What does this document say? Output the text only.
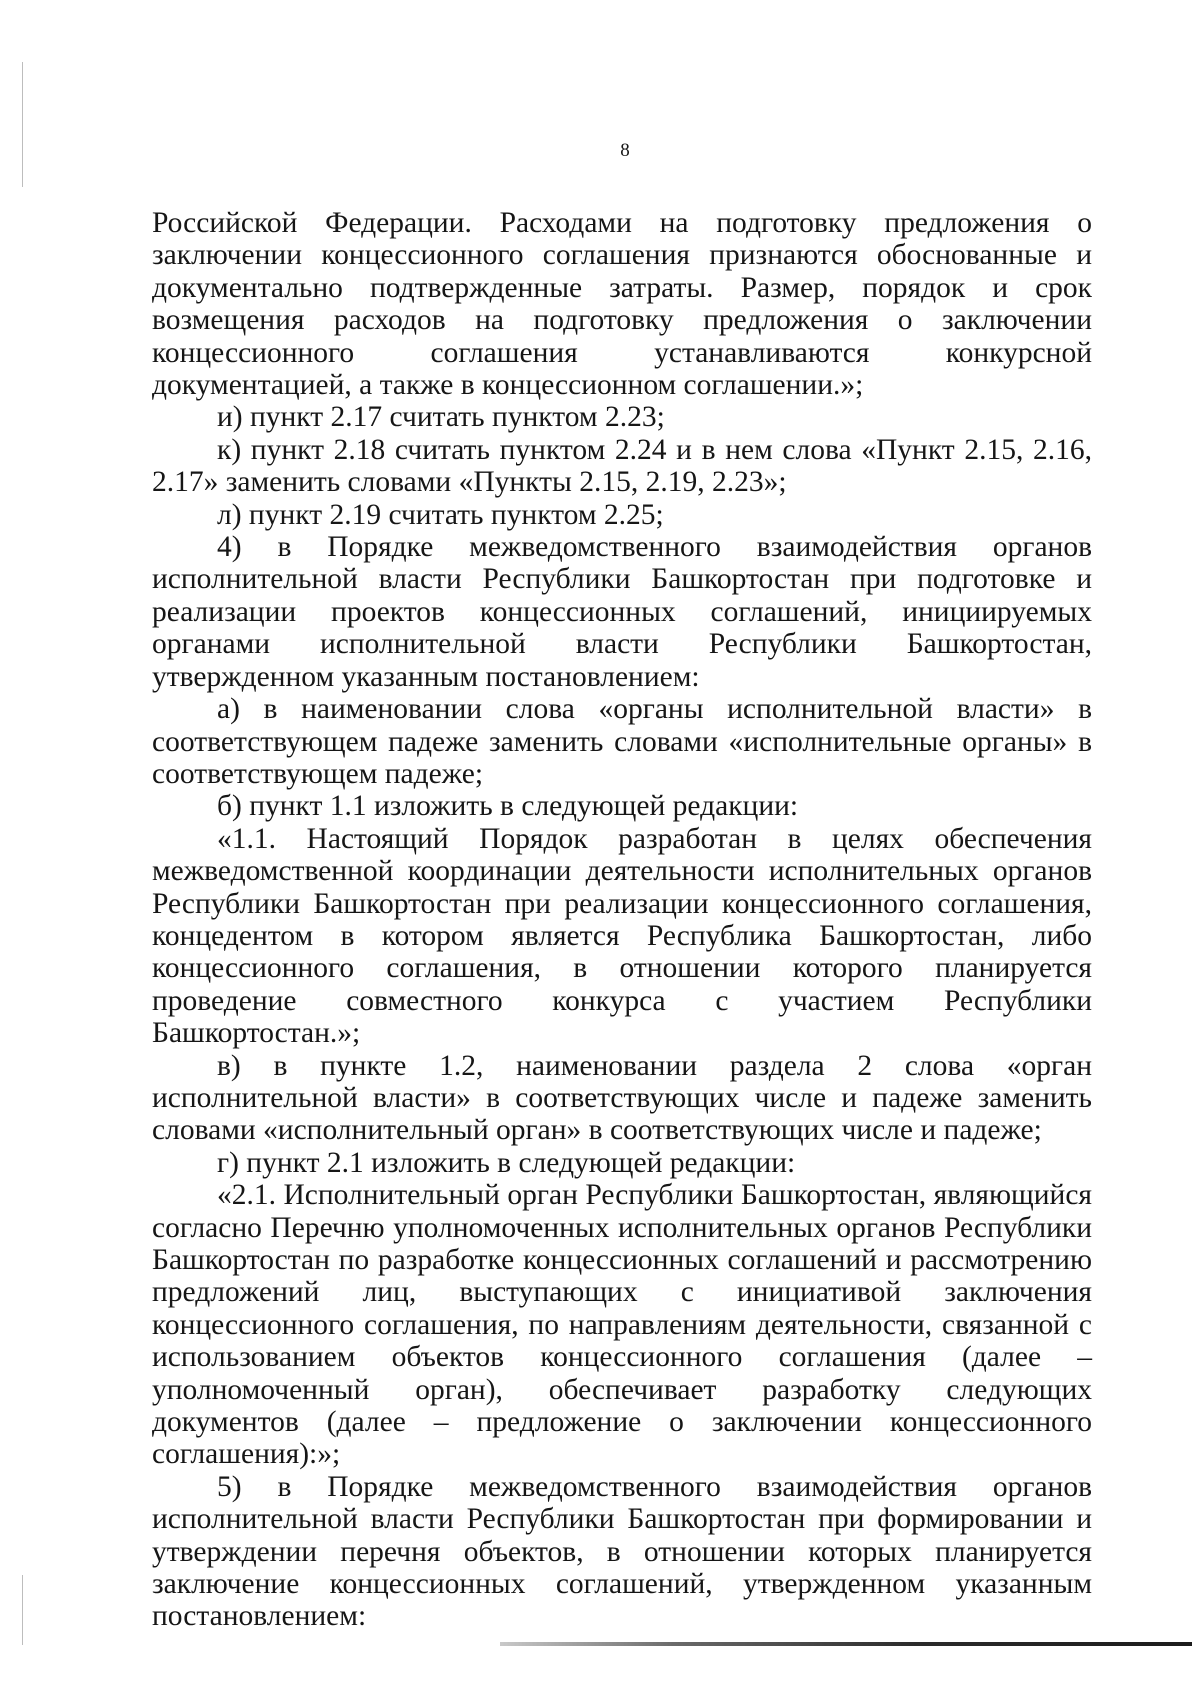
8

Российской Федерации. Расходами на подготовку предложения о заключении концессионного соглашения признаются обоснованные и документально подтвержденные затраты. Размер, порядок и срок возмещения расходов на подготовку предложения о заключении концессионного соглашения устанавливаются конкурсной документацией, а также в концессионном соглашении.»;

и) пункт 2.17 считать пунктом 2.23;

к) пункт 2.18 считать пунктом 2.24 и в нем слова «Пункт 2.15, 2.16, 2.17» заменить словами «Пункты 2.15, 2.19, 2.23»;

л) пункт 2.19 считать пунктом 2.25;

4) в Порядке межведомственного взаимодействия органов исполнительной власти Республики Башкортостан при подготовке и реализации проектов концессионных соглашений, инициируемых органами исполнительной власти Республики Башкортостан, утвержденном указанным постановлением:

а) в наименовании слова «органы исполнительной власти» в соответствующем падеже заменить словами «исполнительные органы» в соответствующем падеже;

б) пункт 1.1 изложить в следующей редакции:

«1.1. Настоящий Порядок разработан в целях обеспечения межведомственной координации деятельности исполнительных органов Республики Башкортостан при реализации концессионного соглашения, концедентом в котором является Республика Башкортостан, либо концессионного соглашения, в отношении которого планируется проведение совместного конкурса с участием Республики Башкортостан.»;

в) в пункте 1.2, наименовании раздела 2 слова «орган исполнительной власти» в соответствующих числе и падеже заменить словами «исполнительный орган» в соответствующих числе и падеже;

г) пункт 2.1 изложить в следующей редакции:

«2.1. Исполнительный орган Республики Башкортостан, являющийся согласно Перечню уполномоченных исполнительных органов Республики Башкортостан по разработке концессионных соглашений и рассмотрению предложений лиц, выступающих с инициативой заключения концессионного соглашения, по направлениям деятельности, связанной с использованием объектов концессионного соглашения (далее – уполномоченный орган), обеспечивает разработку следующих документов (далее – предложение о заключении концессионного соглашения):»;

5) в Порядке межведомственного взаимодействия органов исполнительной власти Республики Башкортостан при формировании и утверждении перечня объектов, в отношении которых планируется заключение концессионных соглашений, утвержденном указанным постановлением:
